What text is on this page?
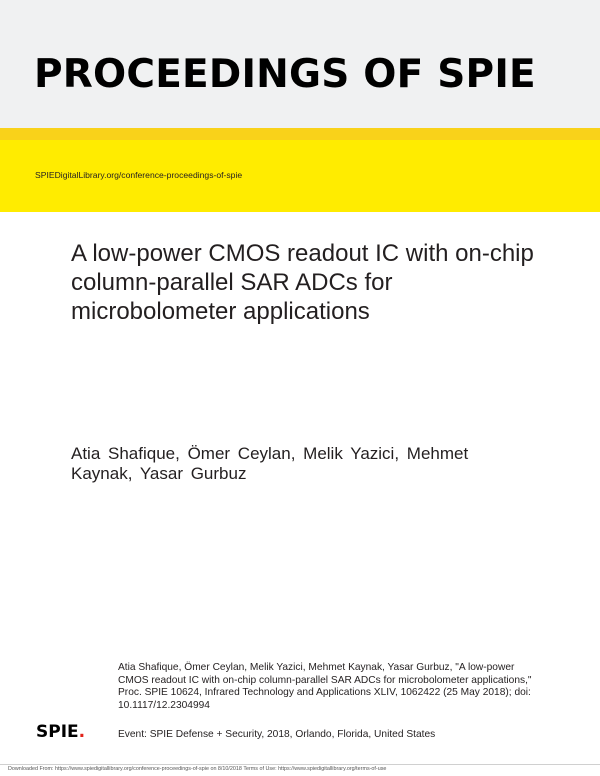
PROCEEDINGS OF SPIE
SPIEDigitalLibrary.org/conference-proceedings-of-spie
A low-power CMOS readout IC with on-chip column-parallel SAR ADCs for microbolometer applications
Atia Shafique, Ömer Ceylan, Melik Yazici, Mehmet Kaynak, Yasar Gurbuz
Atia Shafique, Ömer Ceylan, Melik Yazici, Mehmet Kaynak, Yasar Gurbuz, "A low-power CMOS readout IC with on-chip column-parallel SAR ADCs for microbolometer applications," Proc. SPIE 10624, Infrared Technology and Applications XLIV, 1062422 (25 May 2018); doi: 10.1117/12.2304994
SPIE.	Event: SPIE Defense + Security, 2018, Orlando, Florida, United States
Downloaded From: https://www.spiedigitallibrary.org/conference-proceedings-of-spie on 8/10/2018 Terms of Use: https://www.spiedigitallibrary.org/terms-of-use
